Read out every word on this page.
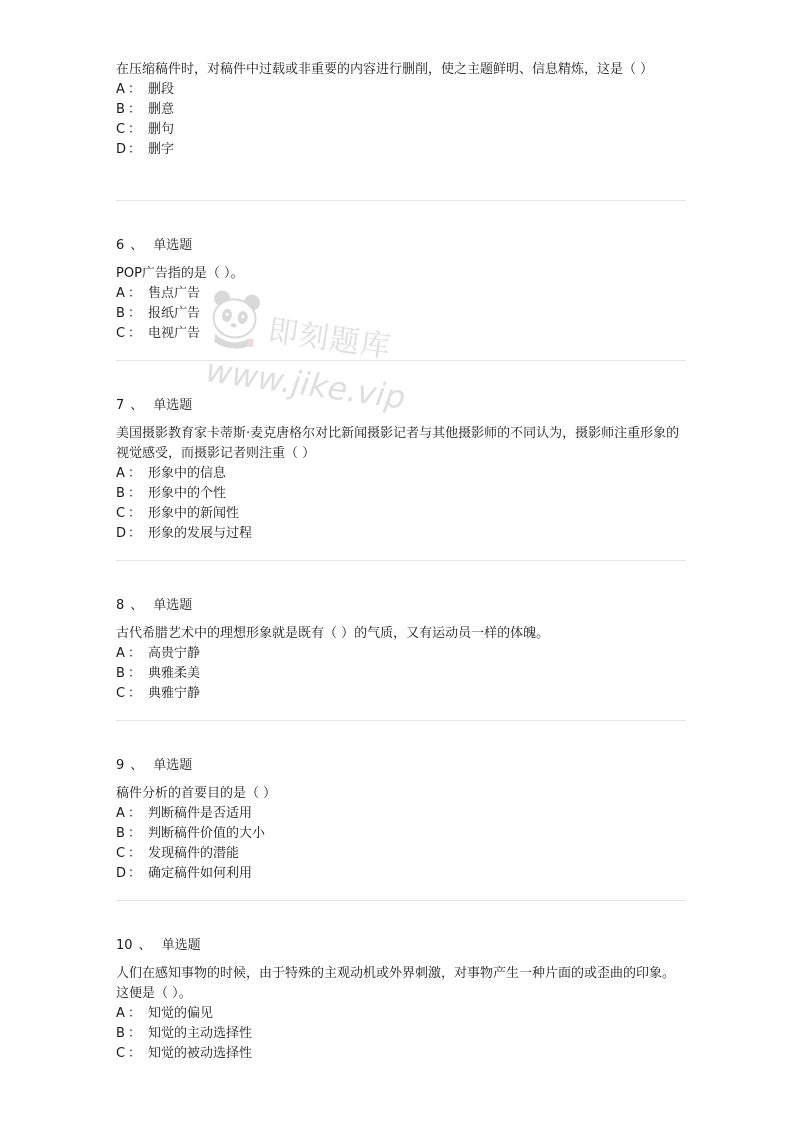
在压缩稿件时，对稿件中过载或非重要的内容进行删削，使之主题鲜明、信息精炼，这是（ ）

A ： 删段
B ： 删意
C ： 删句
D ： 删字
6 、 单选题

POP广告指的是（ ）。

A ： 售点广告
B ： 报纸广告
C ： 电视广告
7 、 单选题

美国摄影教育家卡蒂斯·麦克唐格尔对比新闻摄影记者与其他摄影师的不同认为，摄影师注重形象的视觉感受，而摄影记者则注重（ ）

A ： 形象中的信息
B ： 形象中的个性
C ： 形象中的新闻性
D ： 形象的发展与过程
8 、 单选题

古代希腊艺术中的理想形象就是既有（ ）的气质，又有运动员一样的体魄。

A ： 高贵宁静
B ： 典雅柔美
C ： 典雅宁静
9 、 单选题

稿件分析的首要目的是（ ）

A ： 判断稿件是否适用
B ： 判断稿件价值的大小
C ： 发现稿件的潜能
D ： 确定稿件如何利用
10 、 单选题

人们在感知事物的时候，由于特殊的主观动机或外界刺激，对事物产生一种片面的或歪曲的印象。这便是（ ）。

A ： 知觉的偏见
B ： 知觉的主动选择性
C ： 知觉的被动选择性
即刻题库
www.jike.vip
